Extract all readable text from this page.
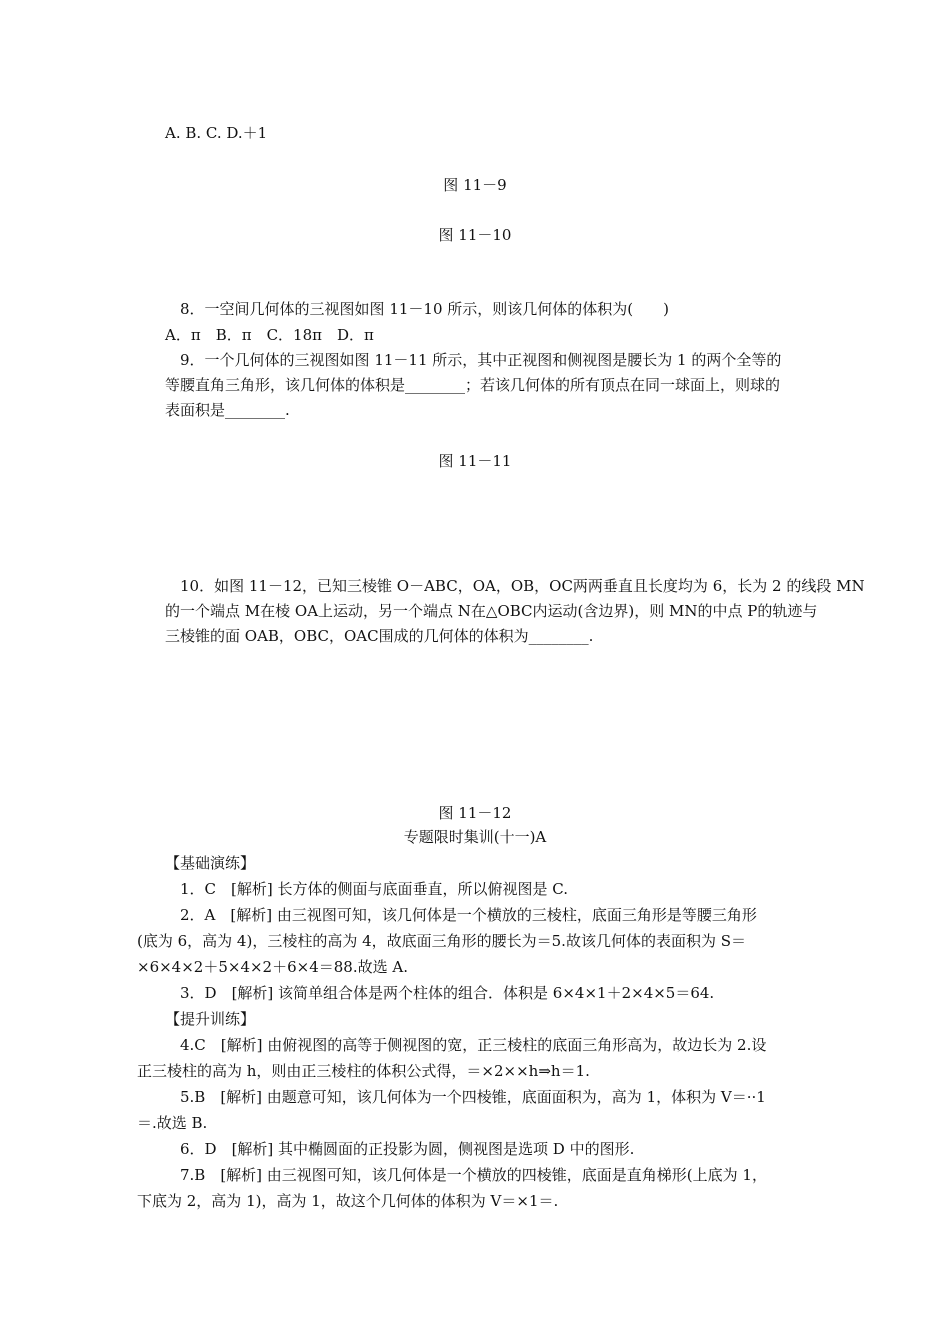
A. B. C. D.＋1
图 11－9
图 11－10
8．一空间几何体的三视图如图 11－10 所示，则该几何体的体积为(　　)
A．π　B．π　C．18π　D．π
9．一个几何体的三视图如图 11－11 所示，其中正视图和侧视图是腰长为 1 的两个全等的
等腰直角三角形，该几何体的体积是________；若该几何体的所有顶点在同一球面上，则球的
表面积是________.
图 11－11
10．如图 11－12，已知三棱锥 O－ABC，OA，OB，OC两两垂直且长度均为 6，长为 2 的线段 MN
的一个端点 M在棱 OA上运动，另一个端点 N在△OBC内运动(含边界)，则 MN的中点 P的轨迹与
三棱锥的面 OAB，OBC，OAC围成的几何体的体积为________.
图 11－12
专题限时集训(十一)A
【基础演练】
1．C　[解析] 长方体的侧面与底面垂直，所以俯视图是 C.
2．A　[解析] 由三视图可知，该几何体是一个横放的三棱柱，底面三角形是等腰三角形
(底为 6，高为 4)，三棱柱的高为 4，故底面三角形的腰长为＝5.故该几何体的表面积为 S＝
×6×4×2＋5×4×2＋6×4＝88.故选 A.
3．D　[解析] 该简单组合体是两个柱体的组合．体积是 6×4×1＋2×4×5＝64.
【提升训练】
4.C　[解析] 由俯视图的高等于侧视图的宽，正三棱柱的底面三角形高为，故边长为 2.设
正三棱柱的高为 h，则由正三棱柱的体积公式得，＝×2××h⇒h＝1.
5.B　[解析] 由题意可知，该几何体为一个四棱锥，底面面积为，高为 1，体积为 V＝··1
＝.故选 B.
6．D　[解析] 其中椭圆面的正投影为圆，侧视图是选项 D 中的图形.
7.B　[解析] 由三视图可知，该几何体是一个横放的四棱锥，底面是直角梯形(上底为 1，
下底为 2，高为 1)，高为 1，故这个几何体的体积为 V＝×1＝.
